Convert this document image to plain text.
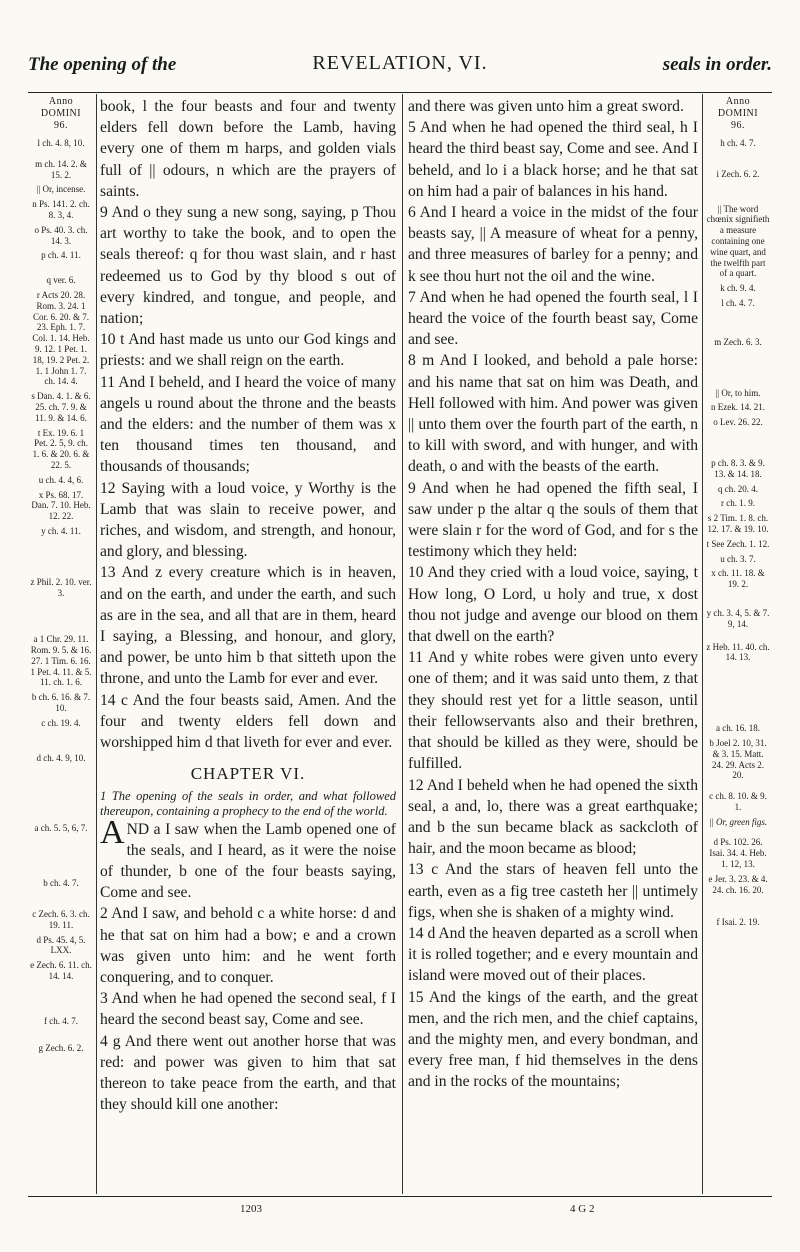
The opening of the	REVELATION, VI.	seals in order.
Anno
DOMINI
96.
l ch. 4. 8, 10.
m ch. 14. 2. & 15. 2.
|| Or, incense.
n Ps. 141. 2. ch. 8. 3, 4.
o Ps. 40. 3. ch. 14. 3.
p ch. 4. 11.
q ver. 6.
r Acts 20. 28. Rom. 3. 24. 1 Cor. 6. 20. & 7. 23. Eph. 1. 7. Col. 1. 14. Heb. 9. 12. 1 Pet. 1. 18, 19. 2 Pet. 2. 1. 1 John 1. 7. ch. 14. 4.
s Dan. 4. 1. & 6. 25. ch. 7. 9. & 11. 9. & 14. 6.
t Ex. 19. 6. 1 Pet. 2. 5, 9. ch. 1. 6. & 20. 6. & 22. 5.
u ch. 4. 4, 6.
x Ps. 68. 17. Dan. 7. 10. Heb. 12. 22.
y ch. 4. 11.
z Phil. 2. 10. ver. 3.
a 1 Chr. 29. 11. Rom. 9. 5. & 16. 27. 1 Tim. 6. 16. 1 Pet. 4. 11. & 5. 11. ch. 1. 6.
b ch. 6. 16. & 7. 10.
c ch. 19. 4.
d ch. 4. 9, 10.
a ch. 5. 5, 6, 7.
b ch. 4. 7.
c Zech. 6. 3. ch. 19. 11.
d Ps. 45. 4, 5. LXX.
e Zech. 6. 11. ch. 14. 14.
f ch. 4. 7.
g Zech. 6. 2.

book, l the four beasts and four and twenty elders fell down before the Lamb, having every one of them m harps, and golden vials full of || odours, n which are the prayers of saints.

9 And o they sung a new song, saying, p Thou art worthy to take the book, and to open the seals thereof: q for thou wast slain, and r hast redeemed us to God by thy blood s out of every kindred, and tongue, and people, and nation;

10 t And hast made us unto our God kings and priests: and we shall reign on the earth.

11 And I beheld, and I heard the voice of many angels u round about the throne and the beasts and the elders: and the number of them was x ten thousand times ten thousand, and thousands of thousands;

12 Saying with a loud voice, y Worthy is the Lamb that was slain to receive power, and riches, and wisdom, and strength, and honour, and glory, and blessing.

13 And z every creature which is in heaven, and on the earth, and under the earth, and such as are in the sea, and all that are in them, heard I saying, a Blessing, and honour, and glory, and power, be unto him b that sitteth upon the throne, and unto the Lamb for ever and ever.

14 c And the four beasts said, Amen. And the four and twenty elders fell down and worshipped him d that liveth for ever and ever.

CHAPTER VI.

1 The opening of the seals in order, and what followed thereupon, containing a prophecy to the end of the world.

AND a I saw when the Lamb opened one of the seals, and I heard, as it were the noise of thunder, b one of the four beasts saying, Come and see.

2 And I saw, and behold c a white horse: d and he that sat on him had a bow; e and a crown was given unto him: and he went forth conquering, and to conquer.

3 And when he had opened the second seal, f I heard the second beast say, Come and see.

4 g And there went out another horse that was red: and power was given to him that sat thereon to take peace from the earth, and that they should kill one another:

and there was given unto him a great sword.

5 And when he had opened the third seal, h I heard the third beast say, Come and see. And I beheld, and lo i a black horse; and he that sat on him had a pair of balances in his hand.

6 And I heard a voice in the midst of the four beasts say, || A measure of wheat for a penny, and three measures of barley for a penny; and k see thou hurt not the oil and the wine.

7 And when he had opened the fourth seal, l I heard the voice of the fourth beast say, Come and see.

8 m And I looked, and behold a pale horse: and his name that sat on him was Death, and Hell followed with him. And power was given || unto them over the fourth part of the earth, n to kill with sword, and with hunger, and with death, o and with the beasts of the earth.

9 And when he had opened the fifth seal, I saw under p the altar q the souls of them that were slain r for the word of God, and for s the testimony which they held:

10 And they cried with a loud voice, saying, t How long, O Lord, u holy and true, x dost thou not judge and avenge our blood on them that dwell on the earth?

11 And y white robes were given unto every one of them; and it was said unto them, z that they should rest yet for a little season, until their fellowservants also and their brethren, that should be killed as they were, should be fulfilled.

12 And I beheld when he had opened the sixth seal, a and, lo, there was a great earthquake; and b the sun became black as sackcloth of hair, and the moon became as blood;

13 c And the stars of heaven fell unto the earth, even as a fig tree casteth her || untimely figs, when she is shaken of a mighty wind.

14 d And the heaven departed as a scroll when it is rolled together; and e every mountain and island were moved out of their places.

15 And the kings of the earth, and the great men, and the rich men, and the chief captains, and the mighty men, and every bondman, and every free man, f hid themselves in the dens and in the rocks of the mountains;

Anno
DOMINI
96.
h ch. 4. 7.
i Zech. 6. 2.
|| The word chœnix signifieth a measure containing one wine quart, and the twelfth part of a quart.
k ch. 9. 4.
l ch. 4. 7.
m Zech. 6. 3.
|| Or, to him.
n Ezek. 14. 21.
o Lev. 26. 22.
p ch. 8. 3. & 9. 13. & 14. 18.
q ch. 20. 4.
r ch. 1. 9.
s 2 Tim. 1. 8. ch. 12. 17. & 19. 10.
t See Zech. 1. 12.
u ch. 3. 7.
x ch. 11. 18. & 19. 2.
y ch. 3. 4, 5. & 7. 9, 14.
z Heb. 11. 40. ch. 14. 13.
a ch. 16. 18.
b Joel 2. 10, 31. & 3. 15. Matt. 24. 29. Acts 2. 20.
c ch. 8. 10. & 9. 1.
|| Or, green figs.
d Ps. 102. 26. Isai. 34. 4. Heb. 1. 12, 13.
e Jer. 3. 23. & 4. 24. ch. 16. 20.
f Isai. 2. 19.
1203	4 G 2
